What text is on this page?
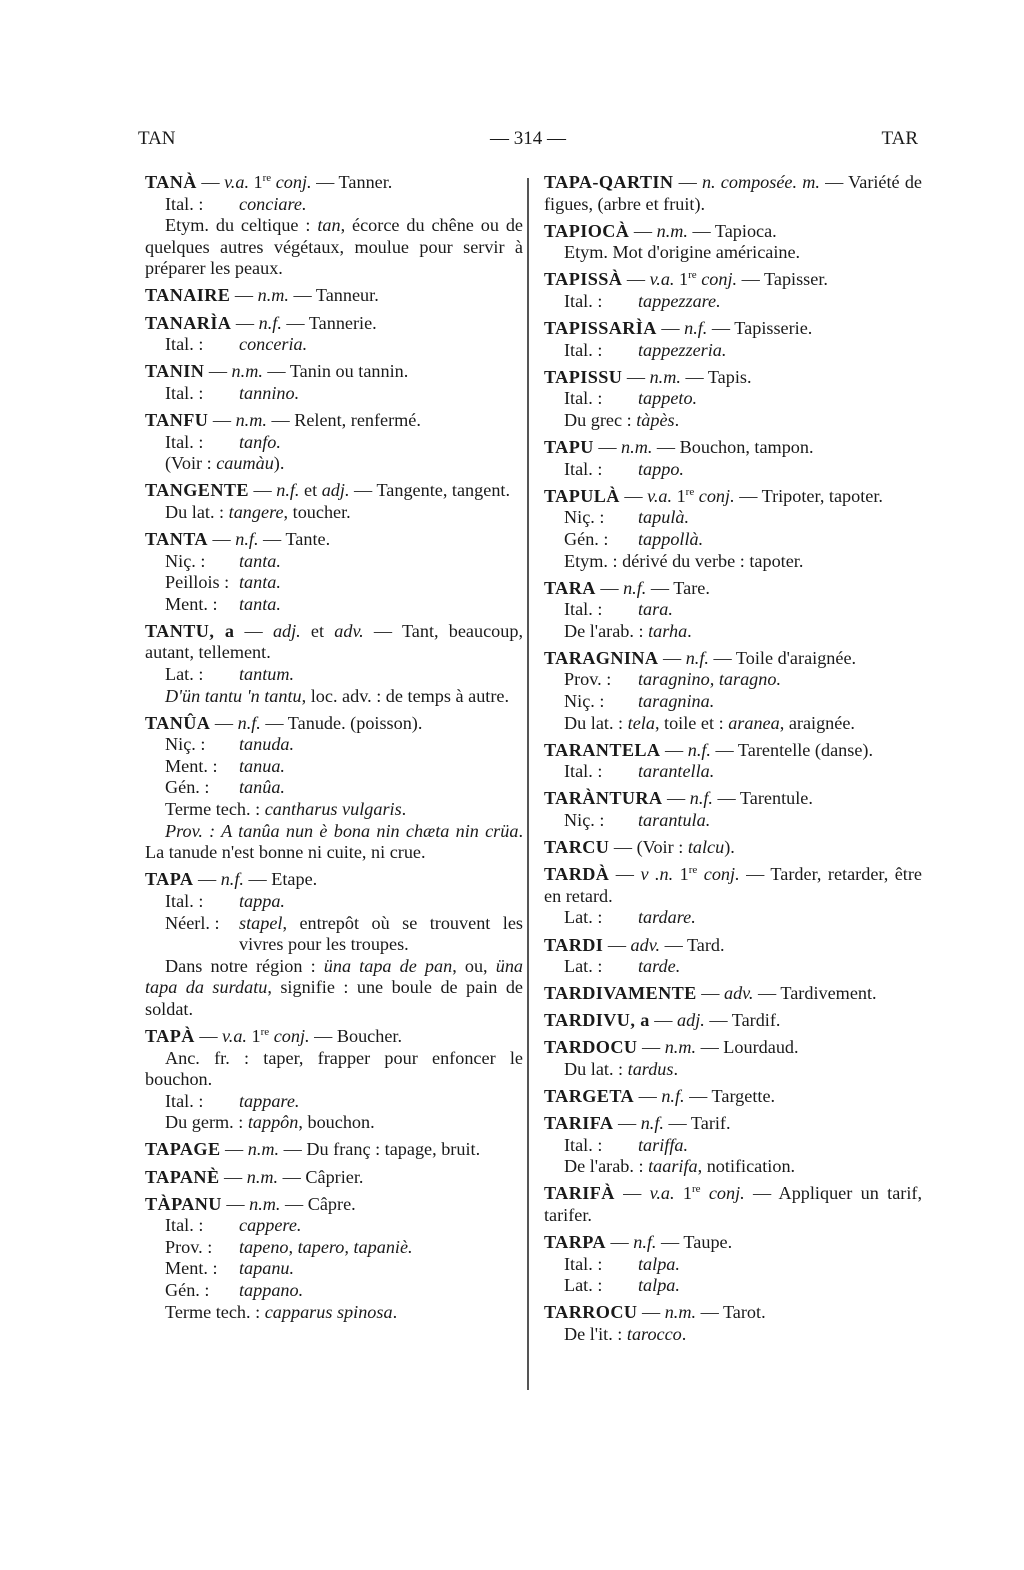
TAN	— 314 —	TAR
TANÀ — v.a. 1re conj. — Tanner.
Ital. :	conciare.
Etym. du celtique : tan, écorce du chêne ou de quelques autres végétaux, moulue pour servir à préparer les peaux.
TANAIRE — n.m. — Tanneur.
TANARÌA — n.f. — Tannerie.
Ital. :	conceria.
TANIN — n.m. — Tanin ou tannin.
Ital. :	tannino.
TANFU — n.m. — Relent, renfermé.
Ital. :	tanfo.
(Voir : caumàu).
TANGENTE — n.f. et adj. — Tangente, tangent.
Du lat. : tangere, toucher.
TANTA — n.f. — Tante.
Niç. :	tanta.
Peillois : tanta.
Ment. :	tanta.
TANTU, a — adj. et adv. — Tant, beaucoup, autant, tellement.
Lat. :	tantum.
D'ün tantu 'n tantu, loc. adv. : de temps à autre.
TANÛA — n.f. — Tanude. (poisson).
Niç. :	tanuda.
Ment. :	tanua.
Gén. :	tanûa.
Terme tech. : cantharus vulgaris.
Prov. : A tanûa nun è bona nin chæta nin crüa. La tanude n'est bonne ni cuite, ni crue.
TAPA — n.f. — Etape.
Ital. :	tappa.
Néerl. :	stapel, entrepôt où se trouvent les vivres pour les troupes.
Dans notre région : üna tapa de pan, ou, üna tapa da surdatu, signifie : une boule de pain de soldat.
TAPÀ — v.a. 1re conj. — Boucher.
Anc. fr. : taper, frapper pour enfoncer le bouchon.
Ital. :	tappare.
Du germ. : tappôn, bouchon.
TAPAGE — n.m. — Du franç : tapage, bruit.
TAPANÈ — n.m. — Câprier.
TÀPANU — n.m. — Câpre.
Ital. :	cappere.
Prov. :	tapeno, tapero, tapaniè.
Ment. :	tapanu.
Gén. :	tappano.
Terme tech. : capparus spinosa.
TAPA-QARTIN — n. composée. m. — Variété de figues, (arbre et fruit).
TAPIOCÀ — n.m. — Tapioca.
Etym. Mot d'origine américaine.
TAPISSÀ — v.a. 1re conj. — Tapisser.
Ital. :	tappezzare.
TAPISSARÌA — n.f. — Tapisserie.
Ital. :	tappezzeria.
TAPISSU — n.m. — Tapis.
Ital. :	tappeto.
Du grec : tàpès.
TAPU — n.m. — Bouchon, tampon.
Ital. :	tappo.
TAPULÀ — v.a. 1re conj. — Tripoter, tapoter.
Niç. :	tapulà.
Gén. :	tappollà.
Etym. : dérivé du verbe : tapoter.
TARA — n.f. — Tare.
Ital. :	tara.
De l'arab. : tarha.
TARAGNINA — n.f. — Toile d'araignée.
Prov. :	taragnino, taragno.
Niç. :	taragnina.
Du lat. : tela, toile et : aranea, araignée.
TARANTELA — n.f. — Tarentelle (danse).
Ital. :	tarantella.
TARÀNTURA — n.f. — Tarentule.
Niç. :	tarantula.
TARCU — (Voir : talcu).
TARDÀ — v .n. 1re conj. — Tarder, retarder, être en retard.
Lat. :	tardare.
TARDI — adv. — Tard.
Lat. :	tarde.
TARDIVAMENTE — adv. — Tardivement.
TARDIVU, a — adj. — Tardif.
TARDOCU — n.m. — Lourdaud.
Du lat. : tardus.
TARGETA — n.f. — Targette.
TARIFA — n.f. — Tarif.
Ital. :	tariffa.
De l'arab. : taarifa, notification.
TARIFÀ — v.a. 1re conj. — Appliquer un tarif, tarifer.
TARPA — n.f. — Taupe.
Ital. :	talpa.
Lat. :	talpa.
TARROCU — n.m. — Tarot.
De l'it. : tarocco.
